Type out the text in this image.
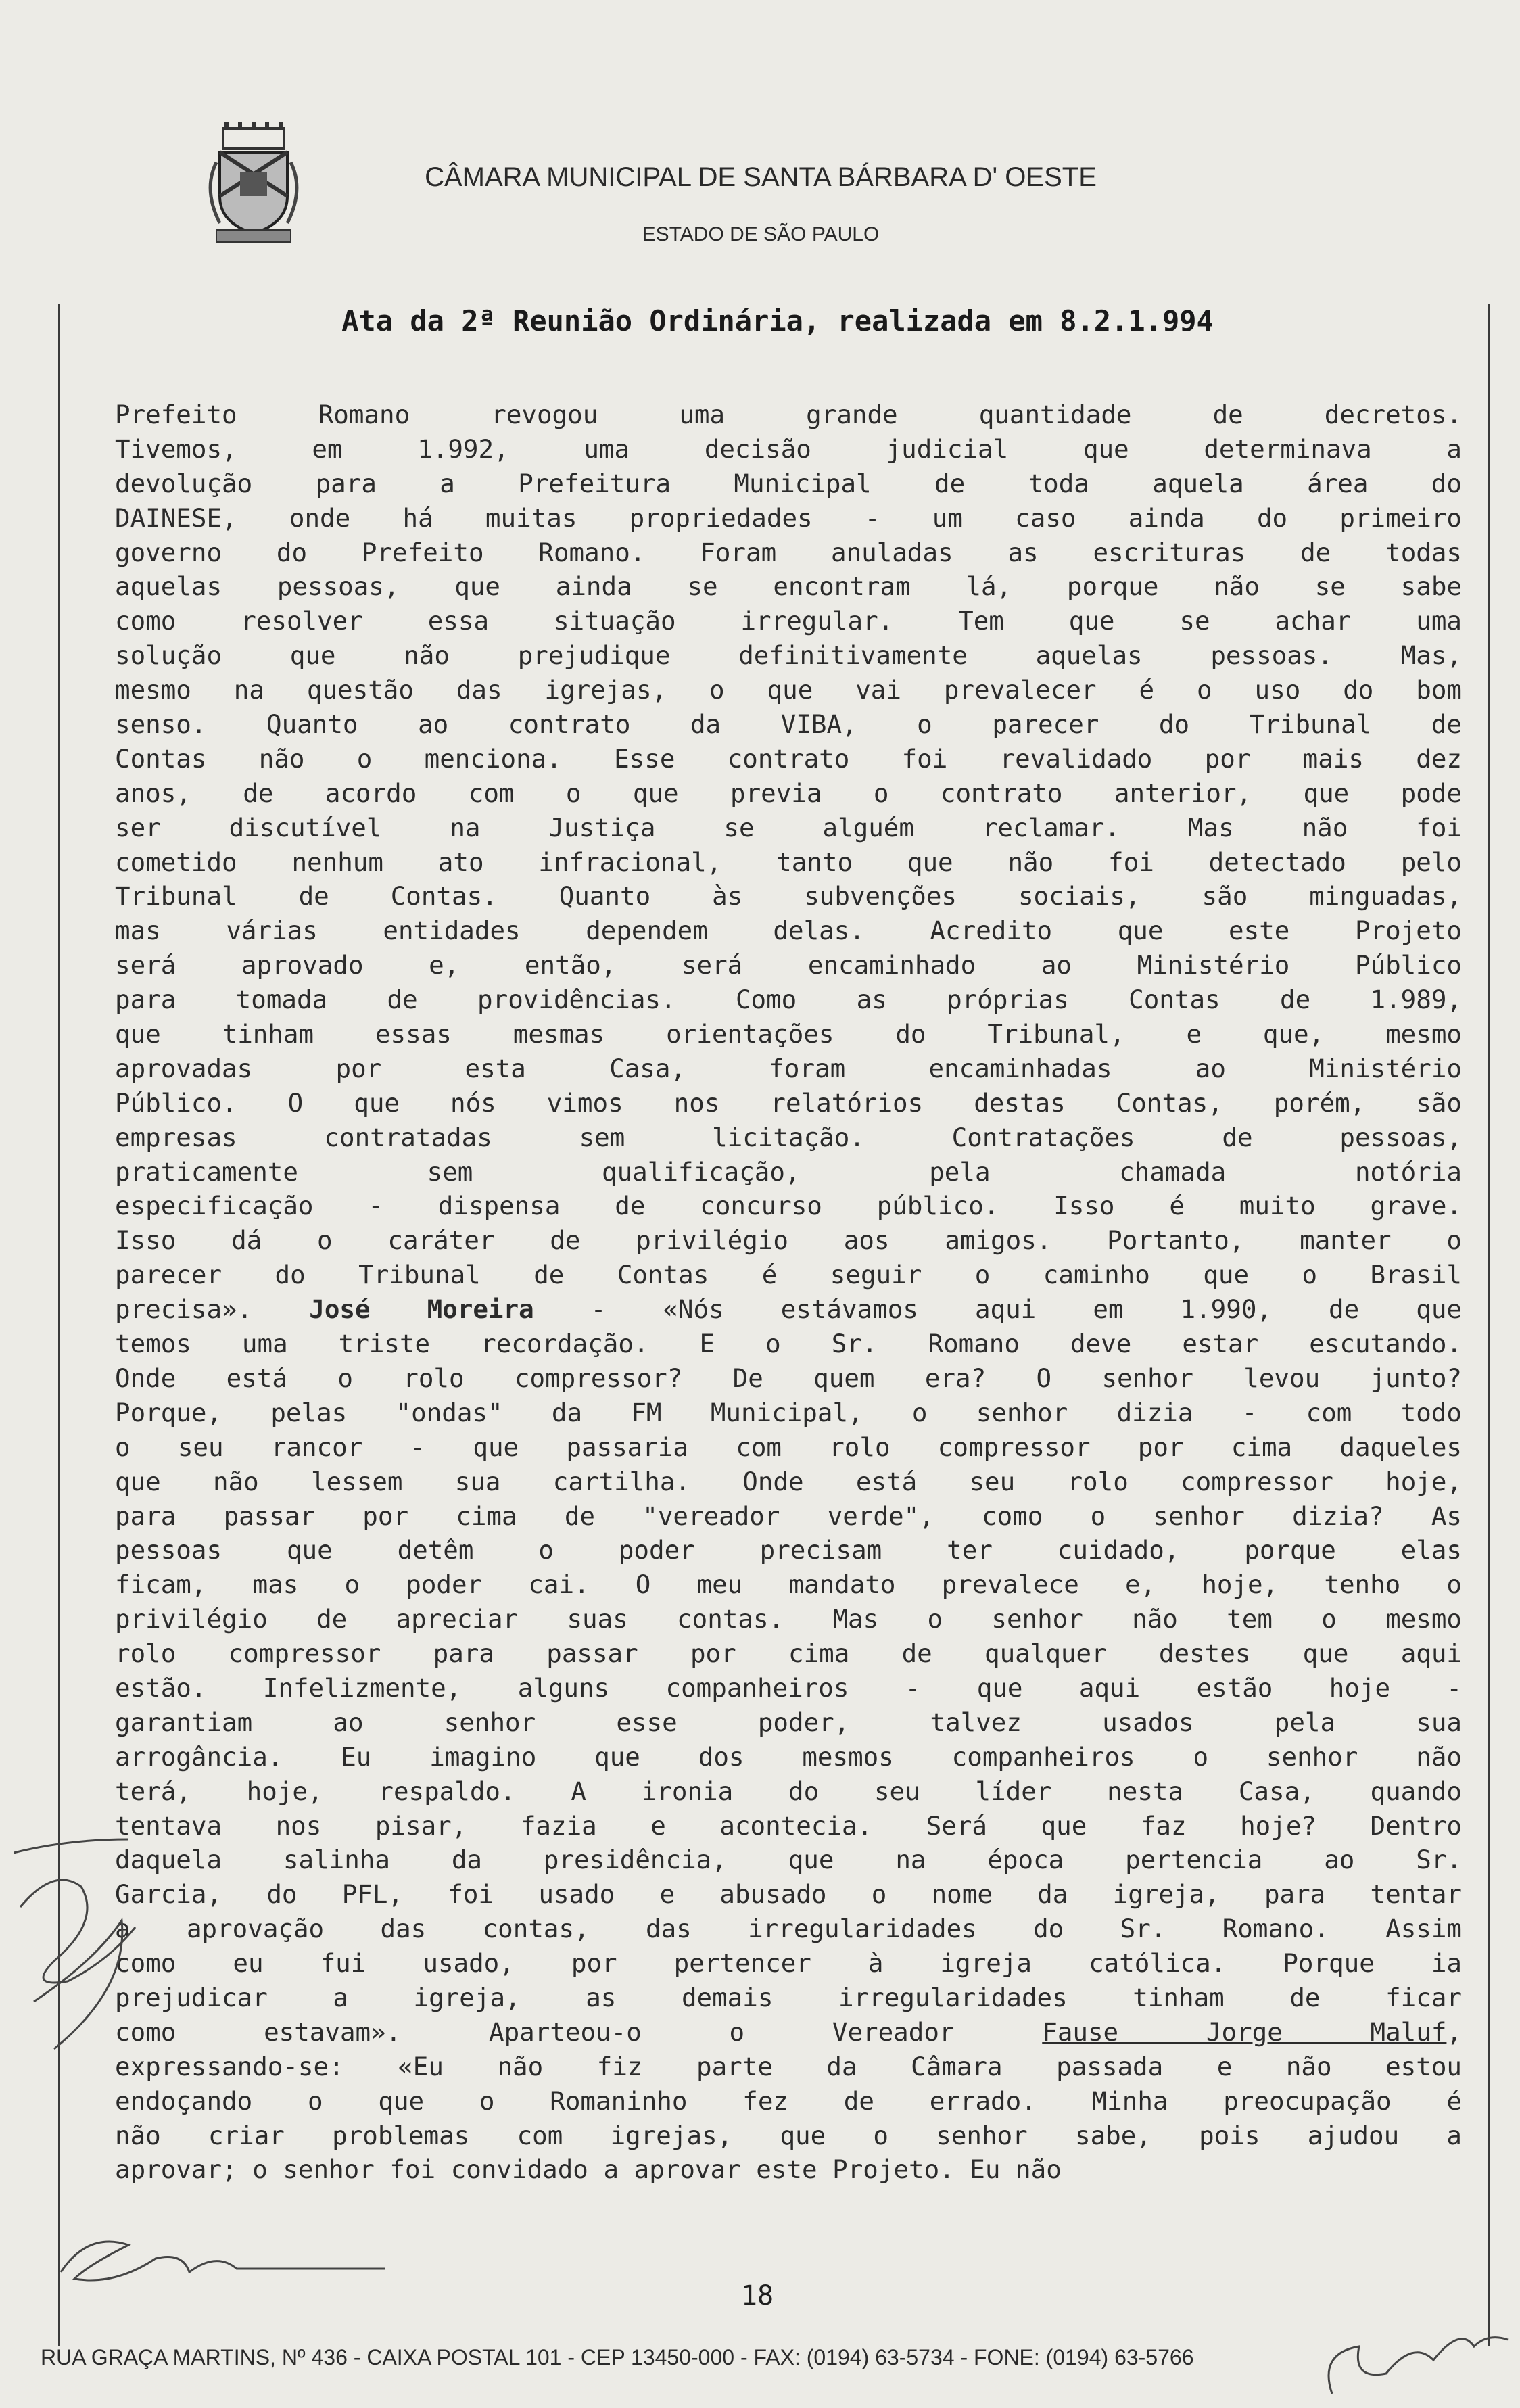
CÂMARA MUNICIPAL DE SANTA BÁRBARA D' OESTE
ESTADO DE SÃO PAULO
Ata da 2ª Reunião Ordinária, realizada em 8.2.1.994
Prefeito Romano revogou uma grande quantidade de decretos.
Tivemos, em 1.992, uma decisão judicial que determinava a
devolução para a Prefeitura Municipal de toda aquela área do
DAINESE, onde há muitas propriedades - um caso ainda do primeiro
governo do Prefeito Romano. Foram anuladas as escrituras de todas
aquelas pessoas, que ainda se encontram lá, porque não se sabe
como resolver essa situação irregular. Tem que se achar uma
solução que não prejudique definitivamente aquelas pessoas. Mas,
mesmo na questão das igrejas, o que vai prevalecer é o uso do bom
senso. Quanto ao contrato da VIBA, o parecer do Tribunal de
Contas não o menciona. Esse contrato foi revalidado por mais dez
anos, de acordo com o que previa o contrato anterior, que pode
ser discutível na Justiça se alguém reclamar. Mas não foi
cometido nenhum ato infracional, tanto que não foi detectado pelo
Tribunal de Contas. Quanto às subvenções sociais, são minguadas,
mas várias entidades dependem delas. Acredito que este Projeto
será aprovado e, então, será encaminhado ao Ministério Público
para tomada de providências. Como as próprias Contas de 1.989,
que tinham essas mesmas orientações do Tribunal, e que, mesmo
aprovadas por esta Casa, foram encaminhadas ao Ministério
Público. O que nós vimos nos relatórios destas Contas, porém, são
empresas contratadas sem licitação. Contratações de pessoas,
praticamente sem qualificação, pela chamada notória
especificação - dispensa de concurso público. Isso é muito grave.
Isso dá o caráter de privilégio aos amigos. Portanto, manter o
parecer do Tribunal de Contas é seguir o caminho que o Brasil
precisa». José Moreira - «Nós estávamos aqui em 1.990, de que
temos uma triste recordação. E o Sr. Romano deve estar escutando.
Onde está o rolo compressor? De quem era? O senhor levou junto?
Porque, pelas "ondas" da FM Municipal, o senhor dizia - com todo
o seu rancor - que passaria com rolo compressor por cima daqueles
que não lessem sua cartilha. Onde está seu rolo compressor hoje,
para passar por cima de "vereador verde", como o senhor dizia? As
pessoas que detêm o poder precisam ter cuidado, porque elas
ficam, mas o poder cai. O meu mandato prevalece e, hoje, tenho o
privilégio de apreciar suas contas. Mas o senhor não tem o mesmo
rolo compressor para passar por cima de qualquer destes que aqui
estão. Infelizmente, alguns companheiros - que aqui estão hoje -
garantiam ao senhor esse poder, talvez usados pela sua
arrogância. Eu imagino que dos mesmos companheiros o senhor não
terá, hoje, respaldo. A ironia do seu líder nesta Casa, quando
tentava nos pisar, fazia e acontecia. Será que faz hoje? Dentro
daquela salinha da presidência, que na época pertencia ao Sr.
Garcia, do PFL, foi usado e abusado o nome da igreja, para tentar
a aprovação das contas, das irregularidades do Sr. Romano. Assim
como eu fui usado, por pertencer à igreja católica. Porque ia
prejudicar a igreja, as demais irregularidades tinham de ficar
como estavam». Aparteou-o o Vereador Fause Jorge Maluf,
expressando-se: «Eu não fiz parte da Câmara passada e não estou
endoçando o que o Romaninho fez de errado. Minha preocupação é
não criar problemas com igrejas, que o senhor sabe, pois ajudou a
aprovar; o senhor foi convidado a aprovar este Projeto. Eu não
18
RUA GRAÇA MARTINS, Nº 436 - CAIXA POSTAL 101 - CEP 13450-000 - FAX: (0194) 63-5734 - FONE: (0194) 63-5766
